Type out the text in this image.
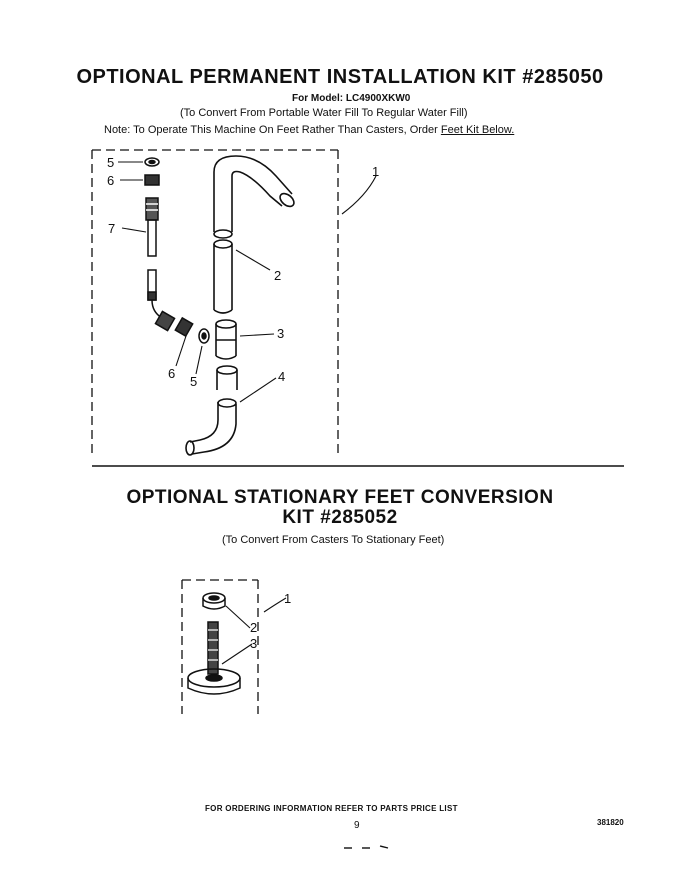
OPTIONAL PERMANENT INSTALLATION KIT #285050
For Model: LC4900XKW0
(To Convert From Portable Water Fill To Regular Water Fill)
Note: To Operate This Machine On Feet Rather Than Casters, Order Feet Kit Below.
5
6
7
1
2
3
4
6
5
1
2
3
OPTIONAL STATIONARY FEET CONVERSION
KIT #285052
(To Convert From Casters To Stationary Feet)
FOR ORDERING INFORMATION REFER TO PARTS PRICE LIST
9	381820
